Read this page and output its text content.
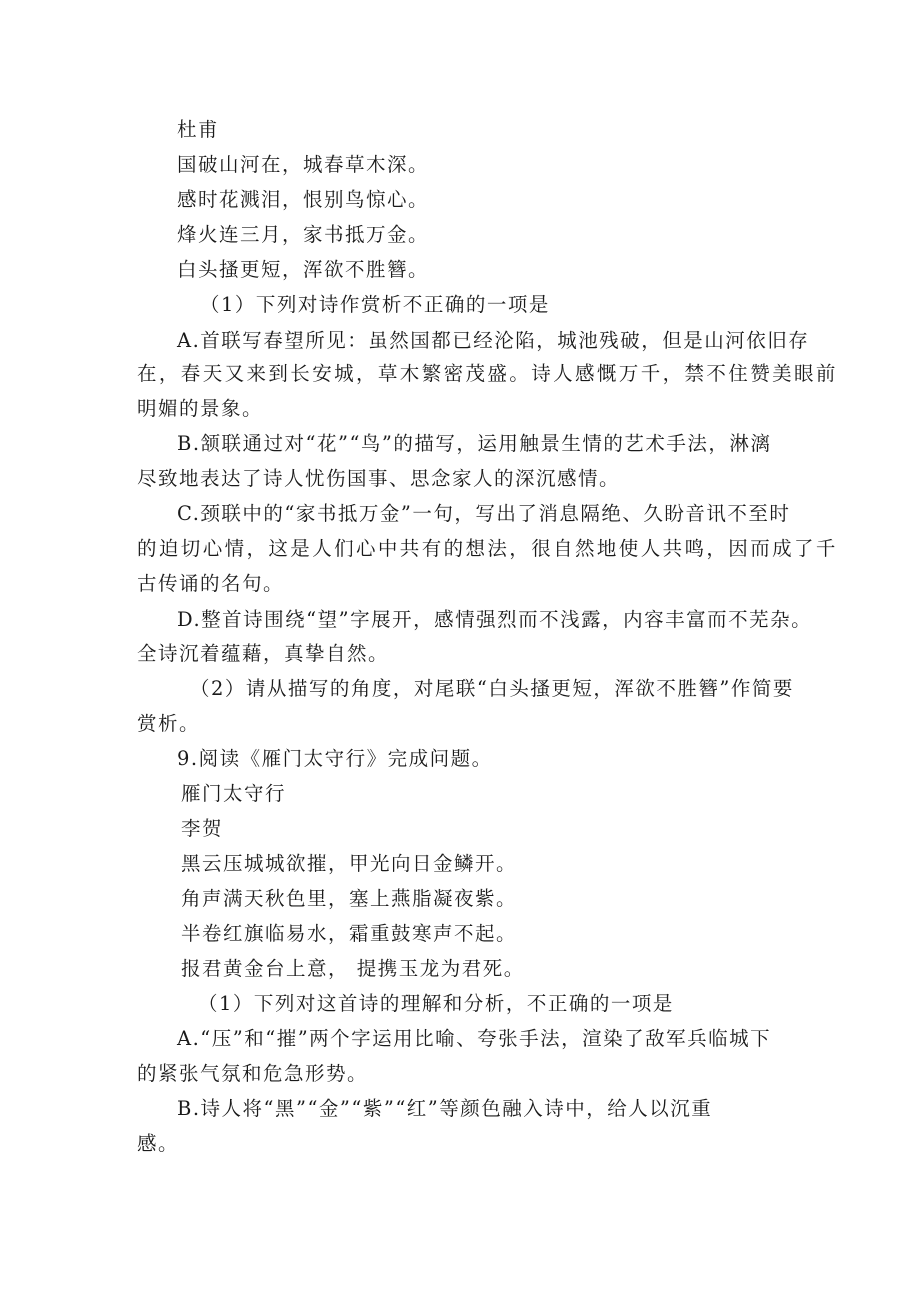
杜甫
国破山河在，城春草木深。
感时花溅泪，恨别鸟惊心。
烽火连三月，家书抵万金。
白头搔更短，浑欲不胜簪。
（1）下列对诗作赏析不正确的一项是
A.首联写春望所见：虽然国都已经沦陷，城池残破，但是山河依旧存
在，春天又来到长安城，草木繁密茂盛。诗人感慨万千，禁不住赞美眼前
明媚的景象。
B.颔联通过对“花”“鸟”的描写，运用触景生情的艺术手法，淋漓
尽致地表达了诗人忧伤国事、思念家人的深沉感情。
C.颈联中的“家书抵万金”一句，写出了消息隔绝、久盼音讯不至时
的迫切心情，这是人们心中共有的想法，很自然地使人共鸣，因而成了千
古传诵的名句。
D.整首诗围绕“望”字展开，感情强烈而不浅露，内容丰富而不芜杂。
全诗沉着蕴藉，真挚自然。
（2）请从描写的角度，对尾联“白头搔更短，浑欲不胜簪”作简要
赏析。
9.阅读《雁门太守行》完成问题。
雁门太守行
李贺
黑云压城城欲摧，甲光向日金鳞开。
角声满天秋色里，塞上燕脂凝夜紫。
半卷红旗临易水，霜重鼓寒声不起。
报君黄金台上意， 提携玉龙为君死。
（1）下列对这首诗的理解和分析，不正确的一项是
A.“压”和“摧”两个字运用比喻、夸张手法，渲染了敌军兵临城下
的紧张气氛和危急形势。
B.诗人将“黑”“金”“紫”“红”等颜色融入诗中，给人以沉重
感。
